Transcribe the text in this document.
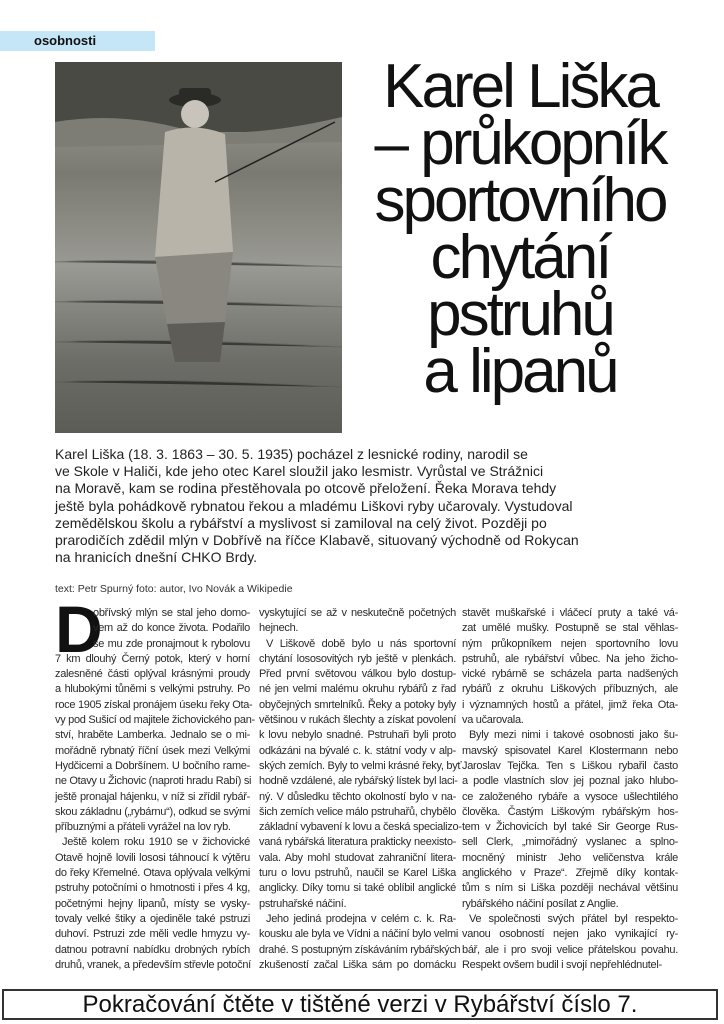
osobnosti
Karel Liška
– průkopník
sportovního
chytání
pstruhů
a lipanů
Karel Liška (18. 3. 1863 – 30. 5. 1935) pocházel z lesnické rodiny, narodil se
ve Skole v Haliči, kde jeho otec Karel sloužil jako lesmistr. Vyrůstal ve Strážnici
na Moravě, kam se rodina přestěhovala po otcově přeložení. Řeka Morava tehdy
ještě byla pohádkově rybnatou řekou a mladému Liškovi ryby učarovaly. Vystudoval
zemědělskou školu a rybářství a myslivost si zamiloval na celý život. Později po
prarodičích zdědil mlýn v Dobřívě na říčce Klabavě, situovaný východně od Rokycan
na hranicích dnešní CHKO Brdy.
text: Petr Spurný foto: autor, Ivo Novák a Wikipedie
D
obřívský mlýn se stal jeho domo-
vem až do konce života. Podařilo
se mu zde pronajmout k rybolovu
7 km dlouhý Černý potok, který v horní
zalesněné části oplýval krásnými proudy
a hlubokými tůněmi s velkými pstruhy. Po
roce 1905 získal pronájem úseku řeky Ota-
vy pod Sušicí od majitele žichovického pan-
ství, hraběte Lamberka. Jednalo se o mi-
mořádně rybnatý říční úsek mezi Velkými
Hydčicemi a Dobršínem. U bočního rame-
ne Otavy u Žichovic (naproti hradu Rabí) si
ještě pronajal hájenku, v níž si zřídil rybář-
skou základnu („rybárnu“), odkud se svými
příbuznými a přáteli vyrážel na lov ryb.
Ještě kolem roku 1910 se v žichovické
Otavě hojně lovili lososi táhnoucí k výtěru
do řeky Křemelné. Otava oplývala velkými
pstruhy potočními o hmotnosti i přes 4 kg,
početnými hejny lipanů, místy se vysky-
tovaly velké štiky a ojediněle také pstruzi
duhoví. Pstruzi zde měli vedle hmyzu vy-
datnou potravní nabídku drobných rybích
druhů, vranek, a především střevle potoční
vyskytující se až v neskutečně početných
hejnech.
V Liškově době bylo u nás sportovní
chytání lososovitých ryb ještě v plenkách.
Před první světovou válkou bylo dostup-
né jen velmi malému okruhu rybářů z řad
obyčejných smrtelníků. Řeky a potoky byly
většinou v rukách šlechty a získat povolení
k lovu nebylo snadné. Pstruhaři byli proto
odkázáni na bývalé c. k. státní vody v alp-
ských zemích. Byly to velmi krásné řeky, byť
hodně vzdálené, ale rybářský lístek byl laci-
ný. V důsledku těchto okolností bylo v na-
šich zemích velice málo pstruhařů, chybělo
základní vybavení k lovu a česká specializo-
vaná rybářská literatura prakticky neexisto-
vala. Aby mohl studovat zahraniční litera-
turu o lovu pstruhů, naučil se Karel Liška
anglicky. Díky tomu si také oblíbil anglické
pstruhařské náčiní.
Jeho jediná prodejna v celém c. k. Ra-
kousku ale byla ve Vídni a náčiní bylo velmi
drahé. S postupným získáváním rybářských
zkušeností začal Liška sám po domácku
stavět muškařské i vláčecí pruty a také vá-
zat umělé mušky. Postupně se stal věhlas-
ným průkopníkem nejen sportovního lovu
pstruhů, ale rybářství vůbec. Na jeho žicho-
vické rybárně se scházela parta nadšených
rybářů z okruhu Liškových příbuzných, ale
i významných hostů a přátel, jimž řeka Ota-
va učarovala.
Byly mezi nimi i takové osobnosti jako šu-
mavský spisovatel Karel Klostermann nebo
Jaroslav Tejčka. Ten s Liškou rybařil často
a podle vlastních slov jej poznal jako hlubo-
ce založeného rybáře a vysoce ušlechtilého
člověka. Častým Liškovým rybářským hos-
tem v Žichovicích byl také Sir George Rus-
sell Clerk, „mimořádný vyslanec a splno-
mocněný ministr Jeho veličenstva krále
anglického v Praze“. Zřejmě díky kontak-
tům s ním si Liška později nechával většinu
rybářského náčiní posílat z Anglie.
Ve společnosti svých přátel byl respekto-
vanou osobností nejen jako vynikající ry-
bář, ale i pro svoji velice přátelskou povahu.
Respekt ovšem budil i svojí nepřehlédnutel-
Pokračování čtěte v tištěné verzi v Rybářství číslo 7.
